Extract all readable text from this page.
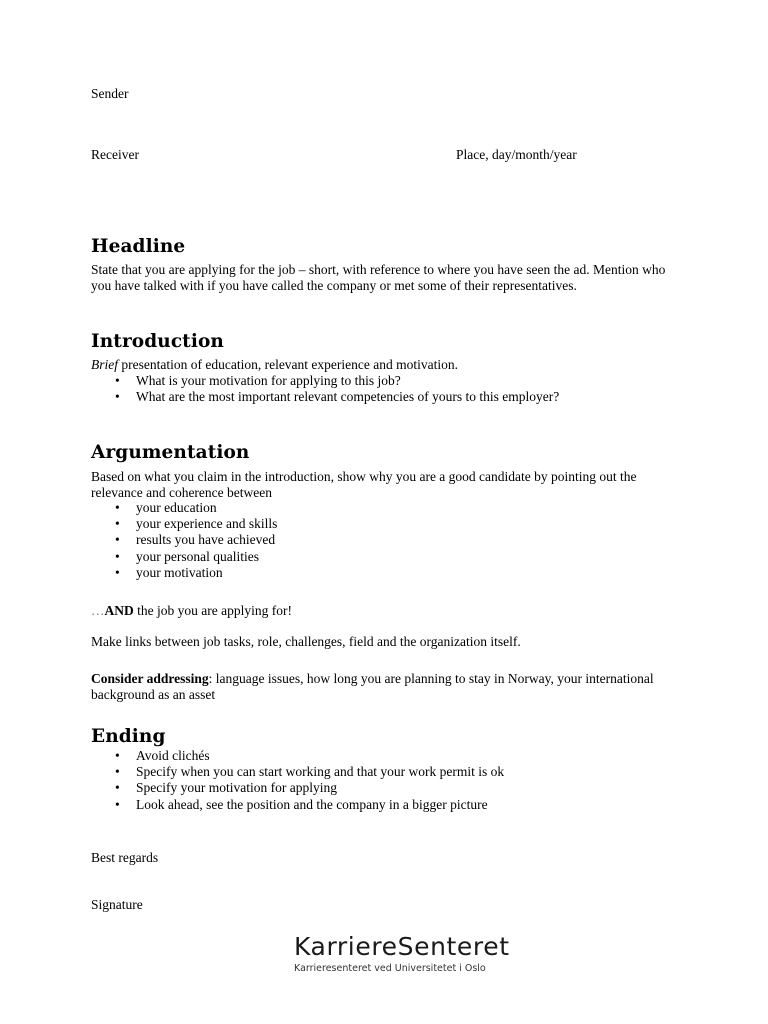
Sender
Receiver	Place, day/month/year
Headline
State that you are applying for the job – short, with reference to where you have seen the ad. Mention who you have talked with if you have called the company or met some of their representatives.
Introduction
Brief presentation of education, relevant experience and motivation.
• What is your motivation for applying to this job?
• What are the most important relevant competencies of yours to this employer?
Argumentation
Based on what you claim in the introduction, show why you are a good candidate by pointing out the relevance and coherence between
• your education
• your experience and skills
• results you have achieved
• your personal qualities
• your motivation
…AND the job you are applying for!
Make links between job tasks, role, challenges, field and the organization itself.
Consider addressing: language issues, how long you are planning to stay in Norway, your international background as an asset
Ending
• Avoid clichés
• Specify when you can start working and that your work permit is ok
• Specify your motivation for applying
• Look ahead, see the position and the company in a bigger picture
Best regards
Signature
KarriereSenteret
Karrieresenteret ved Universitetet i Oslo
